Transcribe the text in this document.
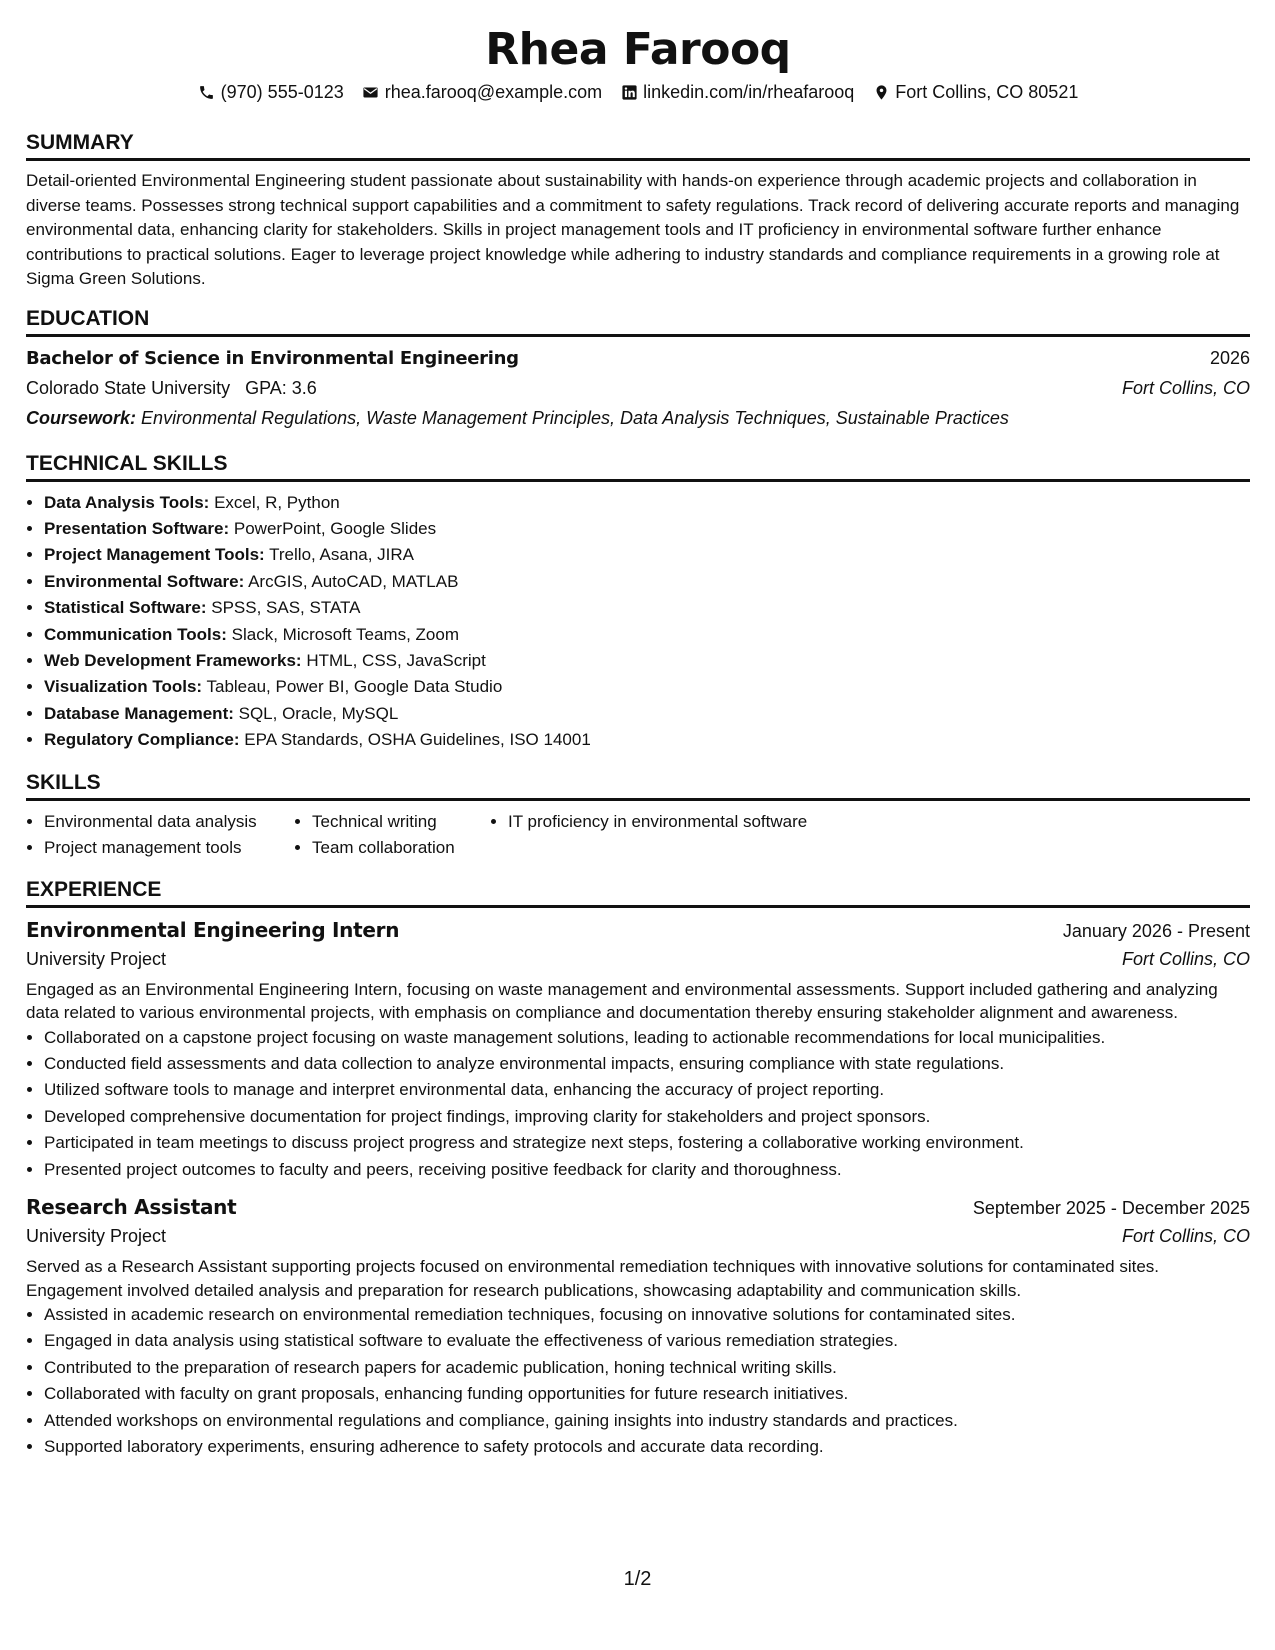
Rhea Farooq
(970) 555-0123 rhea.farooq@example.com linkedin.com/in/rheafarooq Fort Collins, CO 80521
SUMMARY

Detail-oriented Environmental Engineering student passionate about sustainability with hands-on experience through academic projects and collaboration in diverse teams. Possesses strong technical support capabilities and a commitment to safety regulations. Track record of delivering accurate reports and managing environmental data, enhancing clarity for stakeholders. Skills in project management tools and IT proficiency in environmental software further enhance contributions to practical solutions. Eager to leverage project knowledge while adhering to industry standards and compliance requirements in a growing role at Sigma Green Solutions.

EDUCATION
Bachelor of Science in Environmental Engineering	2026
Colorado State University GPA: 3.6	Fort Collins, CO
Coursework: Environmental Regulations, Waste Management Principles, Data Analysis Techniques, Sustainable Practices
TECHNICAL SKILLS
• Data Analysis Tools: Excel, R, Python
• Presentation Software: PowerPoint, Google Slides
• Project Management Tools: Trello, Asana, JIRA
• Environmental Software: ArcGIS, AutoCAD, MATLAB
• Statistical Software: SPSS, SAS, STATA
• Communication Tools: Slack, Microsoft Teams, Zoom
• Web Development Frameworks: HTML, CSS, JavaScript
• Visualization Tools: Tableau, Power BI, Google Data Studio
• Database Management: SQL, Oracle, MySQL
• Regulatory Compliance: EPA Standards, OSHA Guidelines, ISO 14001
SKILLS
• Environmental data analysis
• Project management tools
• Technical writing
• Team collaboration
• IT proficiency in environmental software
EXPERIENCE
Environmental Engineering Intern	January 2026 - Present
University Project	Fort Collins, CO

Engaged as an Environmental Engineering Intern, focusing on waste management and environmental assessments. Support included gathering and analyzing data related to various environmental projects, with emphasis on compliance and documentation thereby ensuring stakeholder alignment and awareness.

• Collaborated on a capstone project focusing on waste management solutions, leading to actionable recommendations for local municipalities.
• Conducted field assessments and data collection to analyze environmental impacts, ensuring compliance with state regulations.
• Utilized software tools to manage and interpret environmental data, enhancing the accuracy of project reporting.
• Developed comprehensive documentation for project findings, improving clarity for stakeholders and project sponsors.
• Participated in team meetings to discuss project progress and strategize next steps, fostering a collaborative working environment.
• Presented project outcomes to faculty and peers, receiving positive feedback for clarity and thoroughness.
Research Assistant	September 2025 - December 2025
University Project	Fort Collins, CO

Served as a Research Assistant supporting projects focused on environmental remediation techniques with innovative solutions for contaminated sites. Engagement involved detailed analysis and preparation for research publications, showcasing adaptability and communication skills.

• Assisted in academic research on environmental remediation techniques, focusing on innovative solutions for contaminated sites.
• Engaged in data analysis using statistical software to evaluate the effectiveness of various remediation strategies.
• Contributed to the preparation of research papers for academic publication, honing technical writing skills.
• Collaborated with faculty on grant proposals, enhancing funding opportunities for future research initiatives.
• Attended workshops on environmental regulations and compliance, gaining insights into industry standards and practices.
• Supported laboratory experiments, ensuring adherence to safety protocols and accurate data recording.
1/2
